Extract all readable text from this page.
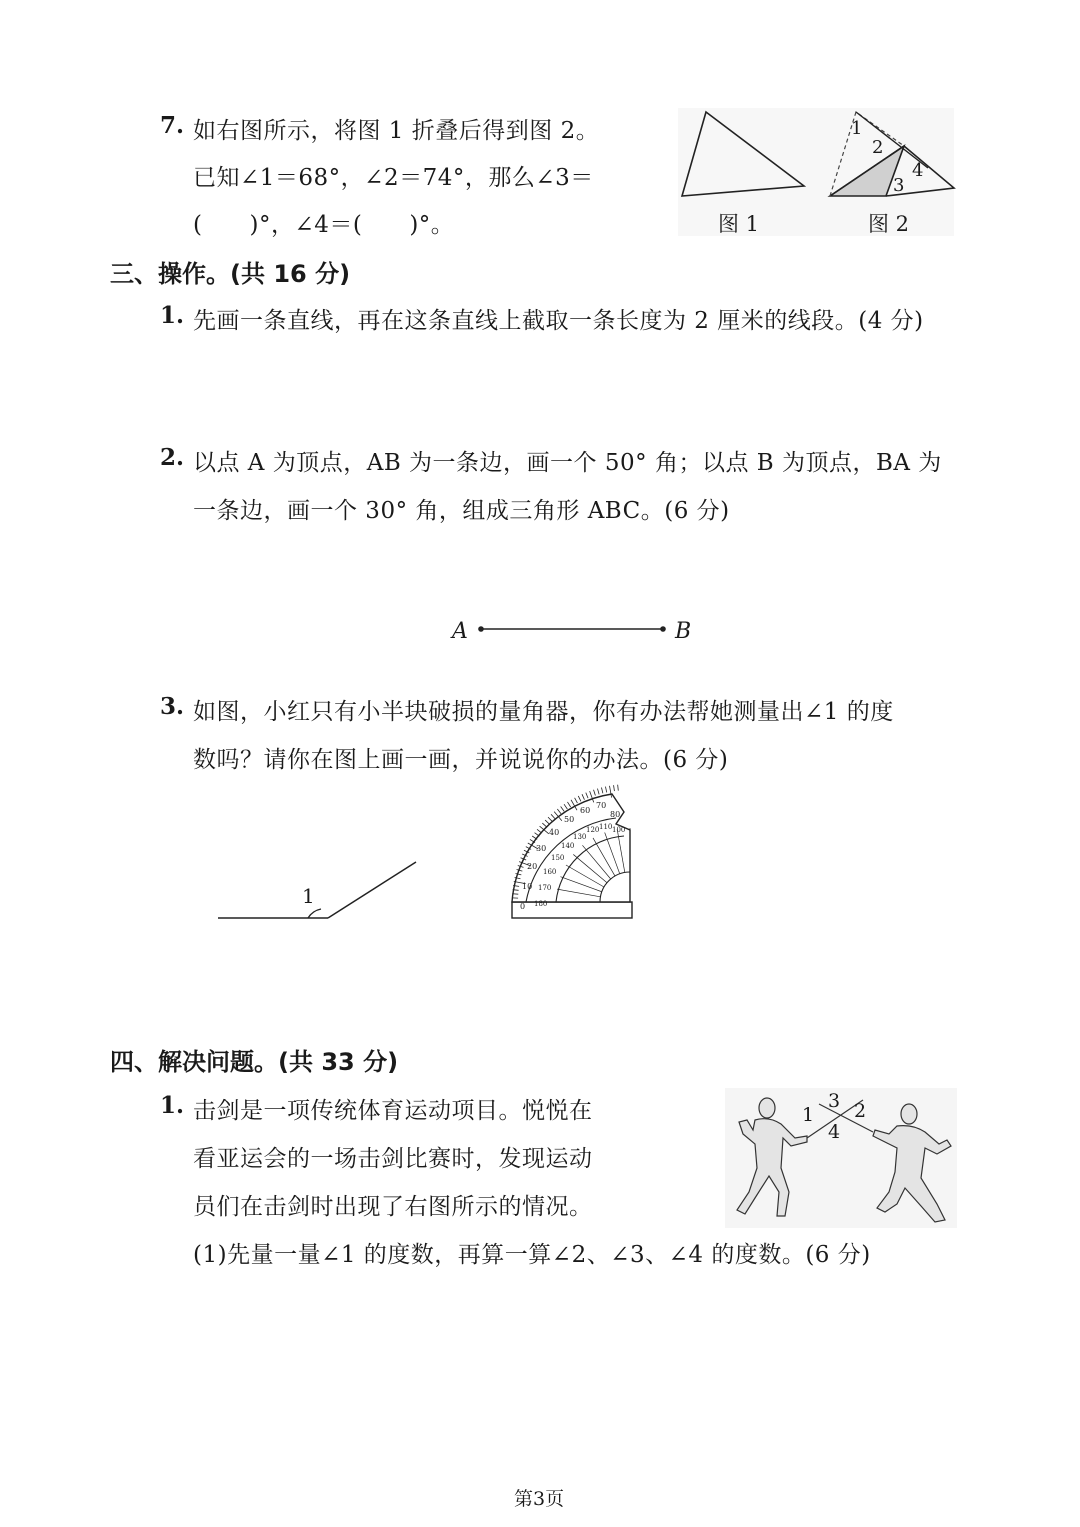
7. 如右图所示，将图 1 折叠后得到图 2。
已知∠1＝68°，∠2＝74°，那么∠3＝
(　　)°，∠4＝(　　)°。
1
2
3
4
图 1	图 2
三、操作。(共 16 分)
1. 先画一条直线，再在这条直线上截取一条长度为 2 厘米的线段。(4 分)
2. 以点 A 为顶点，AB 为一条边，画一个 50° 角；以点 B 为顶点，BA 为
一条边，画一个 30° 角，组成三角形 ABC。(6 分)
A	B
3. 如图，小红只有小半块破损的量角器，你有办法帮她测量出∠1 的度
数吗？请你在图上画一画，并说说你的办法。(6 分)
1	0
10
20
30
40
50
60
70
80
180
170
160
150
140
130
120 110 100
四、解决问题。(共 33 分)
1. 击剑是一项传统体育运动项目。悦悦在
看亚运会的一场击剑比赛时，发现运动
员们在击剑时出现了右图所示的情况。
(1)先量一量∠1 的度数，再算一算∠2、∠3、∠4 的度数。(6 分)
1 2
3
4
第3页
